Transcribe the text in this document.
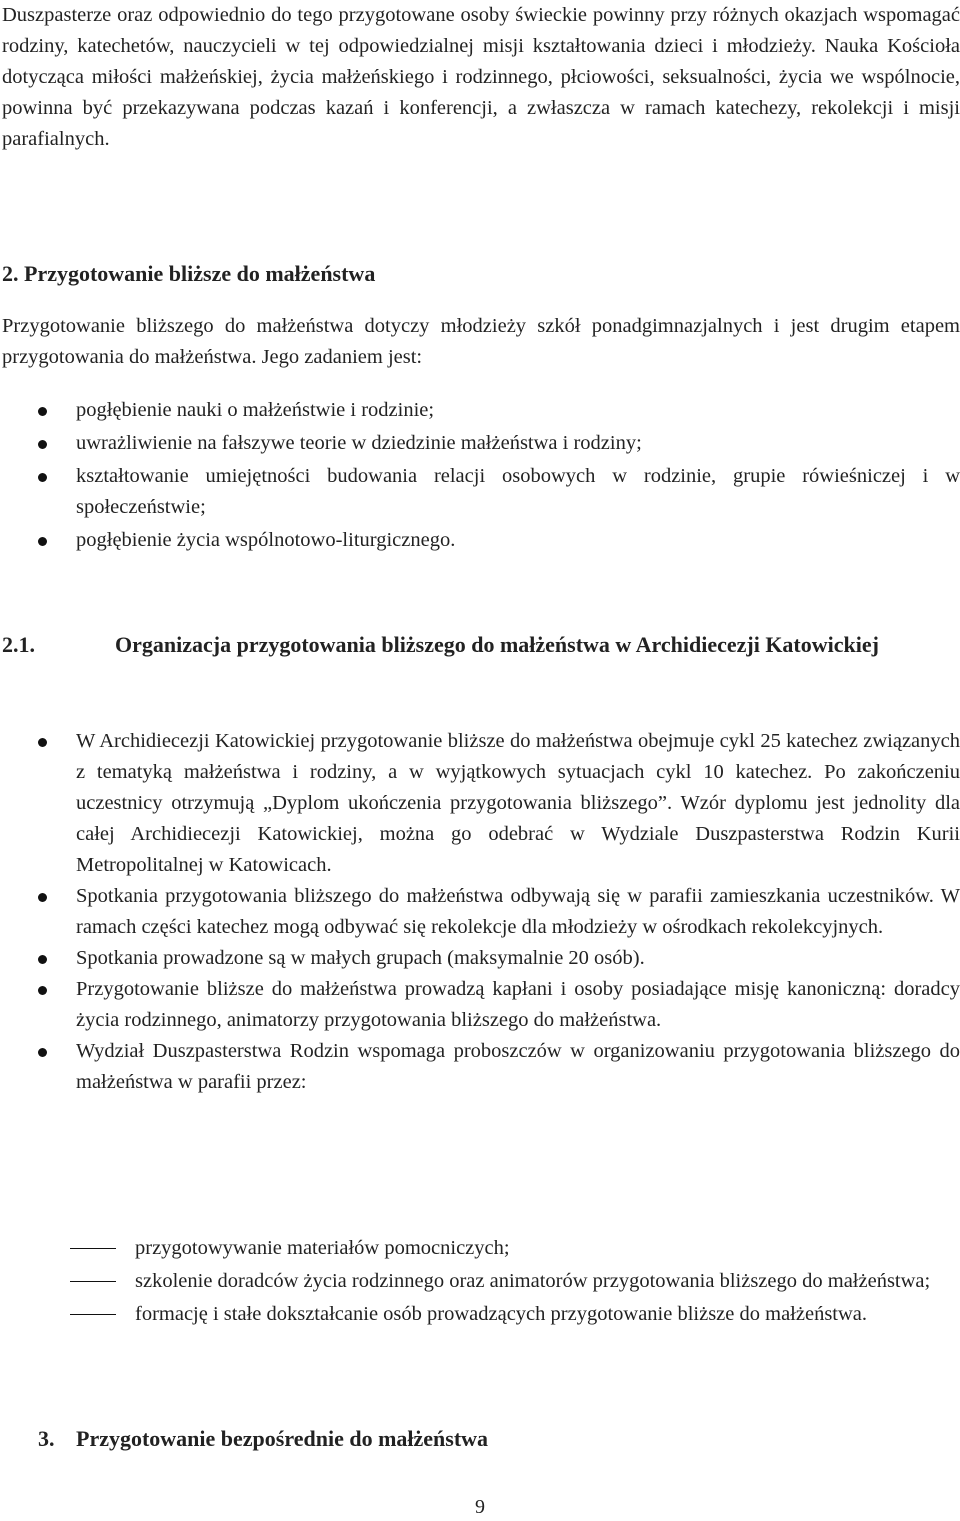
Duszpasterze oraz odpowiednio do tego przygotowane osoby świeckie powinny przy różnych okazjach wspomagać rodziny, katechetów, nauczycieli w tej odpowiedzialnej misji kształtowania dzieci i młodzieży. Nauka Kościoła dotycząca miłości małżeńskiej, życia małżeńskiego i rodzinnego, płciowości, seksualności, życia we wspólnocie, powinna być przekazywana podczas kazań i konferencji, a zwłaszcza w ramach katechezy, rekolekcji i misji parafialnych.

2. Przygotowanie bliższe do małżeństwa

Przygotowanie bliższego do małżeństwa dotyczy młodzieży szkół ponadgimnazjalnych i jest drugim etapem przygotowania do małżeństwa. Jego zadaniem jest:

pogłębienie nauki o małżeństwie i rodzinie;
uwrażliwienie na fałszywe teorie w dziedzinie małżeństwa i rodziny;
kształtowanie umiejętności budowania relacji osobowych w rodzinie, grupie rówieśniczej i w społeczeństwie;
pogłębienie życia wspólnotowo-liturgicznego.
2.1.	Organizacja przygotowania bliższego do małżeństwa w Archidiecezji Katowickiej
W Archidiecezji Katowickiej przygotowanie bliższe do małżeństwa obejmuje cykl 25 katechez związanych z tematyką małżeństwa i rodziny, a w wyjątkowych sytuacjach cykl 10 katechez. Po zakończeniu uczestnicy otrzymują „Dyplom ukończenia przygotowania bliższego”. Wzór dyplomu jest jednolity dla całej Archidiecezji Katowickiej, można go odebrać w Wydziale Duszpasterstwa Rodzin Kurii Metropolitalnej w Katowicach.
Spotkania przygotowania bliższego do małżeństwa odbywają się w parafii zamieszkania uczestników. W ramach części katechez mogą odbywać się rekolekcje dla młodzieży w ośrodkach rekolekcyjnych.
Spotkania prowadzone są w małych grupach (maksymalnie 20 osób).
Przygotowanie bliższe do małżeństwa prowadzą kapłani i osoby posiadające misję kanoniczną: doradcy życia rodzinnego, animatorzy przygotowania bliższego do małżeństwa.
Wydział Duszpasterstwa Rodzin wspomaga proboszczów w organizowaniu przygotowania bliższego do małżeństwa w parafii przez:
przygotowywanie materiałów pomocniczych;
szkolenie doradców życia rodzinnego oraz animatorów przygotowania bliższego do małżeństwa;
formację i stałe dokształcanie osób prowadzących przygotowanie bliższe do małżeństwa.
3. Przygotowanie bezpośrednie do małżeństwa
9
